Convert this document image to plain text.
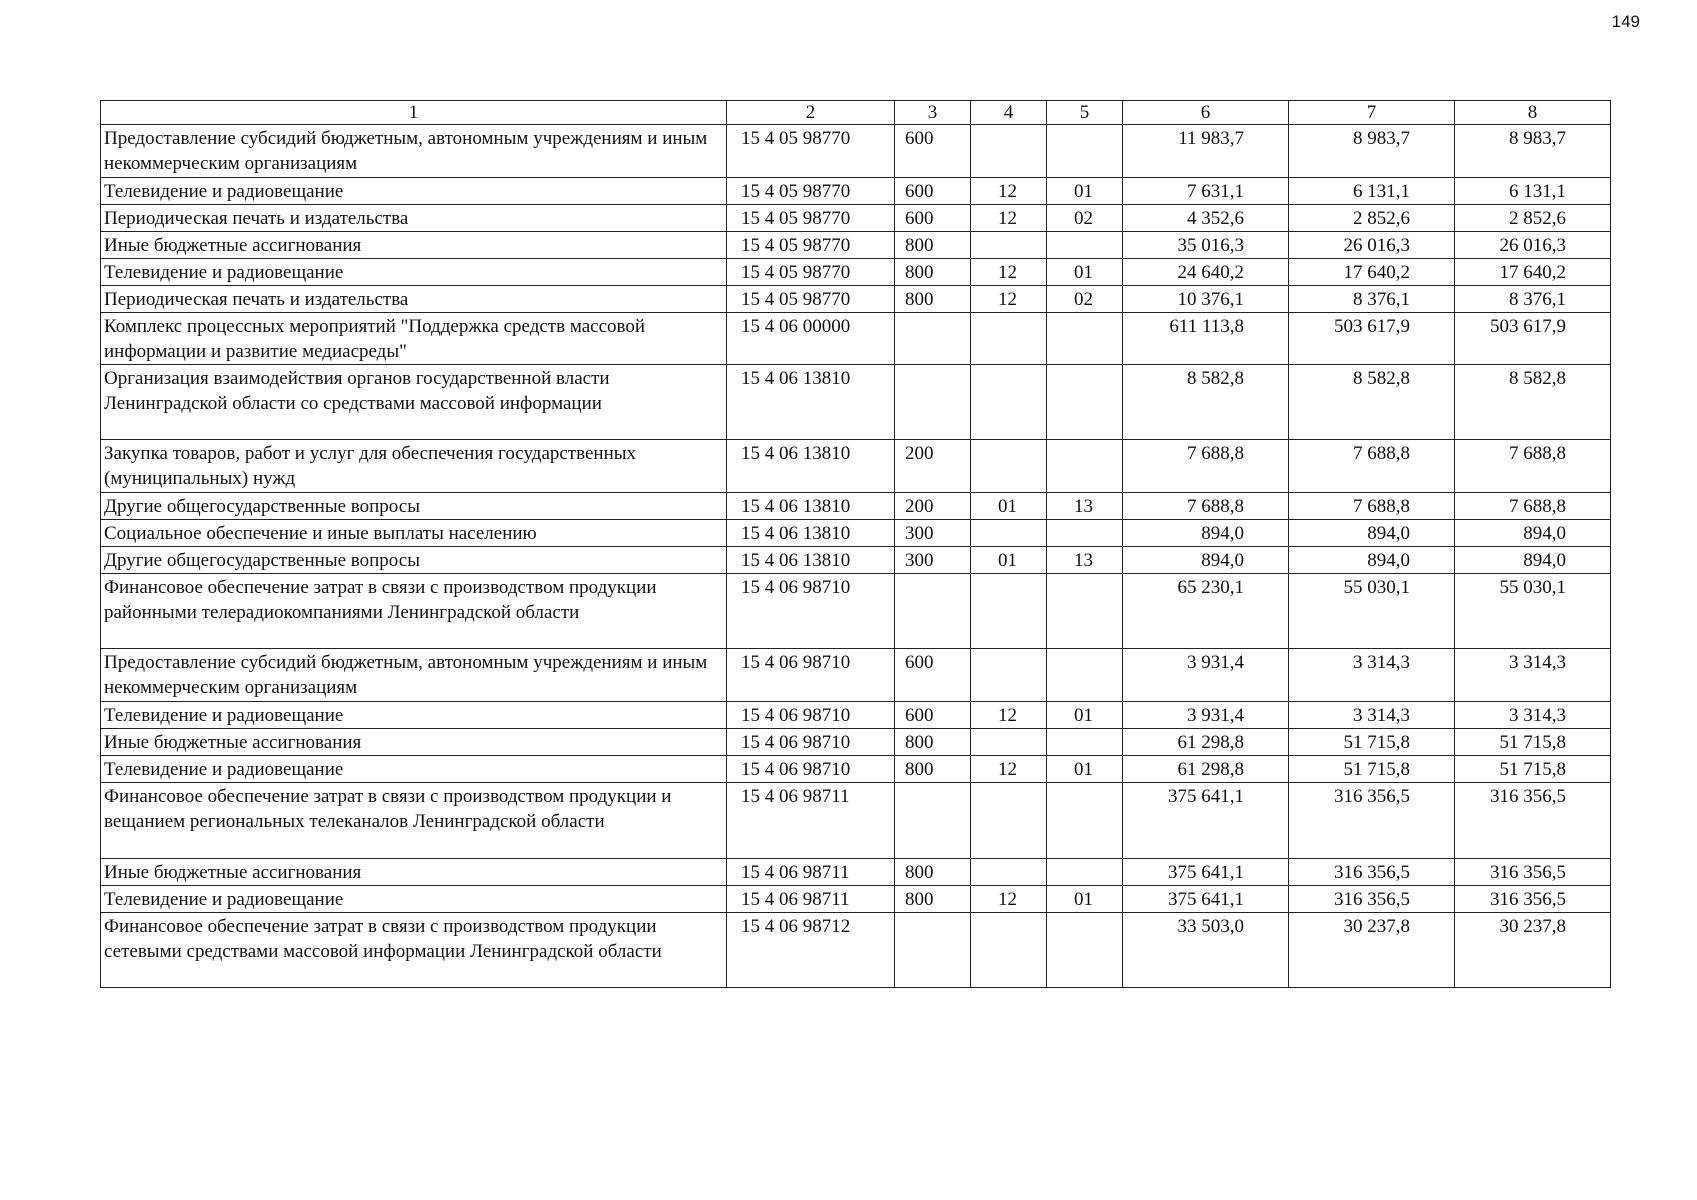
149
1	2	3	4	5	6	7	8
Предоставление субсидий бюджетным, автономным учреждениям и иным некоммерческим организациям	15 4 05 98770	600			11 983,7	8 983,7	8 983,7
Телевидение и радиовещание	15 4 05 98770	600	12	01	7 631,1	6 131,1	6 131,1
Периодическая печать и издательства	15 4 05 98770	600	12	02	4 352,6	2 852,6	2 852,6
Иные бюджетные ассигнования	15 4 05 98770	800			35 016,3	26 016,3	26 016,3
Телевидение и радиовещание	15 4 05 98770	800	12	01	24 640,2	17 640,2	17 640,2
Периодическая печать и издательства	15 4 05 98770	800	12	02	10 376,1	8 376,1	8 376,1
Комплекс процессных мероприятий "Поддержка средств массовой информации и развитие медиасреды"	15 4 06 00000				611 113,8	503 617,9	503 617,9
Организация взаимодействия органов государственной власти Ленинградской области со средствами массовой информации	15 4 06 13810				8 582,8	8 582,8	8 582,8
Закупка товаров, работ и услуг для обеспечения государственных (муниципальных) нужд	15 4 06 13810	200			7 688,8	7 688,8	7 688,8
Другие общегосударственные вопросы	15 4 06 13810	200	01	13	7 688,8	7 688,8	7 688,8
Социальное обеспечение и иные выплаты населению	15 4 06 13810	300			894,0	894,0	894,0
Другие общегосударственные вопросы	15 4 06 13810	300	01	13	894,0	894,0	894,0
Финансовое обеспечение затрат в связи с производством продукции районными телерадиокомпаниями Ленинградской области	15 4 06 98710				65 230,1	55 030,1	55 030,1
Предоставление субсидий бюджетным, автономным учреждениям и иным некоммерческим организациям	15 4 06 98710	600			3 931,4	3 314,3	3 314,3
Телевидение и радиовещание	15 4 06 98710	600	12	01	3 931,4	3 314,3	3 314,3
Иные бюджетные ассигнования	15 4 06 98710	800			61 298,8	51 715,8	51 715,8
Телевидение и радиовещание	15 4 06 98710	800	12	01	61 298,8	51 715,8	51 715,8
Финансовое обеспечение затрат в связи с производством продукции и вещанием региональных телеканалов Ленинградской области	15 4 06 98711				375 641,1	316 356,5	316 356,5
Иные бюджетные ассигнования	15 4 06 98711	800			375 641,1	316 356,5	316 356,5
Телевидение и радиовещание	15 4 06 98711	800	12	01	375 641,1	316 356,5	316 356,5
Финансовое обеспечение затрат в связи с производством продукции сетевыми средствами массовой информации Ленинградской области	15 4 06 98712				33 503,0	30 237,8	30 237,8
